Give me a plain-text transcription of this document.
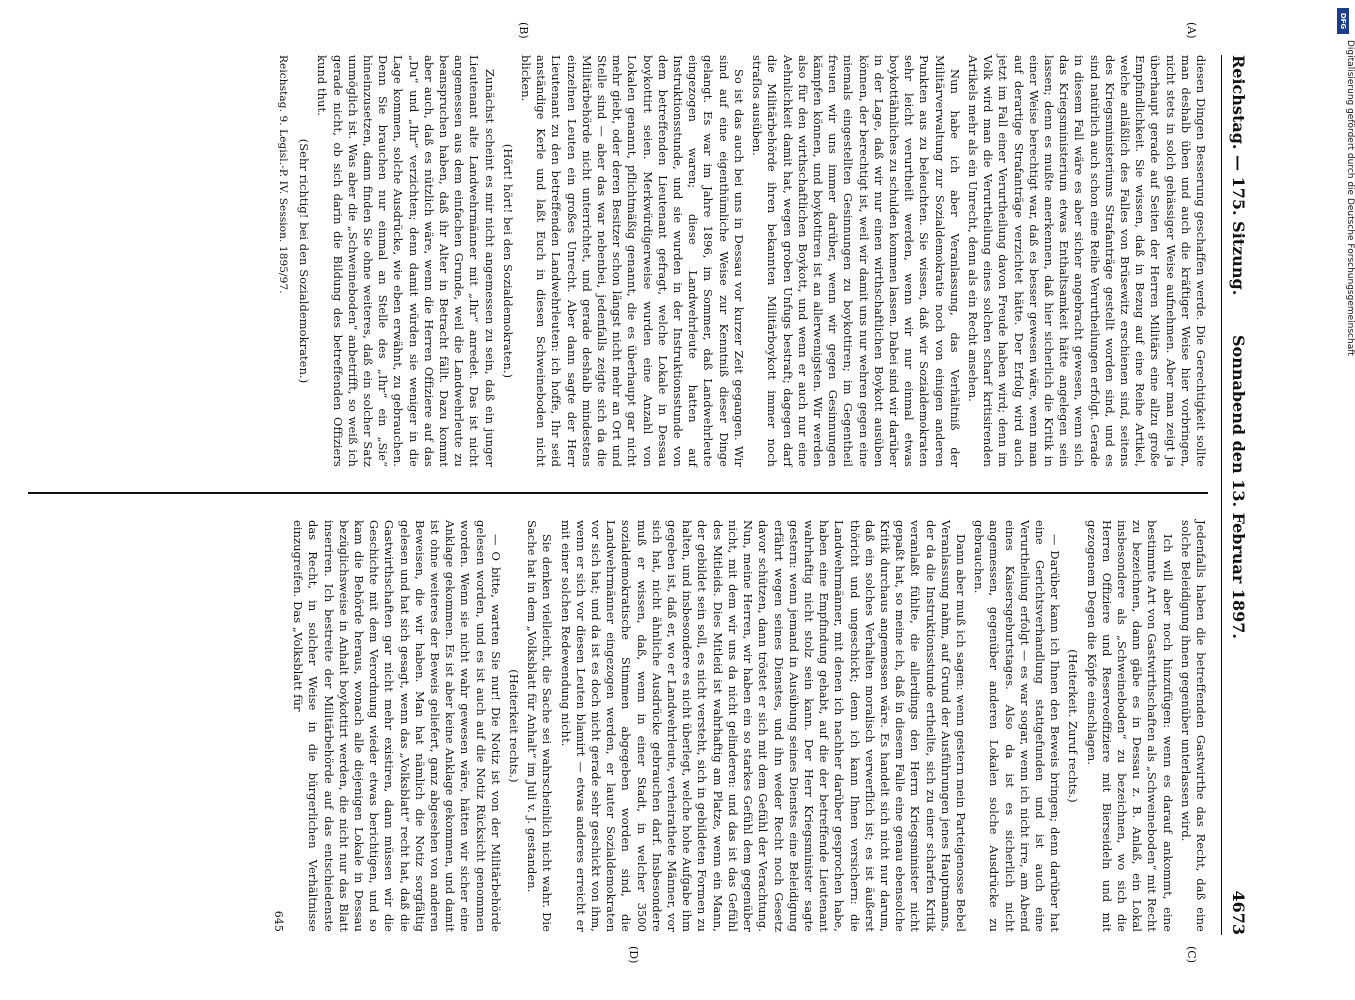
Reichstag. — 175. Sitzung.
Sonnabend den 13. Februar 1897.
4673
(A)
(B)
(C)
(D)

diesen Dingen Besserung geschaffen werde. Die Gerechtigkeit sollte man deshalb üben und auch die kräftiger Weise hier vorbringen, nicht stets in solch gehässiger Weise aufnehmen. Aber man zeigt ja überhaupt gerade auf Seiten der Herren Militärs eine allzu große Empfindlichkeit. Sie wissen, daß in Bezug auf eine Reihe Artikel, welche anläßlich des Falles von Brüsewitz erschienen sind, seitens des Kriegsministeriums Strafanträge gestellt worden sind, und es sind natürlich auch schon eine Reihe Verurtheilungen erfolgt. Gerade in diesem Fall wäre es aber sicher angebracht gewesen, wenn sich das Kriegsministerium etwas Enthaltsamkeit hätte angelegen sein lassen; denn es mußte anerkennen, daß hier sicherlich die Kritik in einer Weise berechtigt war, daß es besser gewesen wäre, wenn man auf derartige Strafanträge verzichtet hätte. Der Erfolg wird auch jetzt im Fall einer Verurtheilung davon Freude haben wird; denn im Volk wird man die Verurtheilung eines solchen scharf kritisirenden Artikels mehr als ein Unrecht, denn als ein Recht ansehen.

Nun habe ich aber Veranlassung, das Verhältniß der Militärverwaltung zur Sozialdemokratie noch von einigen anderen Punkten aus zu beleuchten. Sie wissen, daß wir Sozialdemokraten sehr leicht verurtheilt werden, wenn wir nur einmal etwas boykottähnliches zu schulden kommen lassen. Dabei sind wir darüber in der Lage, daß wir nur einen wirthschaftlichen Boykott ausüben können, der berechtigt ist, weil wir damit uns nur wehren gegen eine niemals eingestellten Gesinnungen zu boykottiren; im Gegentheil freuen wir uns immer darüber, wenn wir gegen Gesinnungen kämpfen können, und boykottiren ist an allerwenigsten. Wir werden also für den wirthschaftlichen Boykott, und wenn er auch nur eine Aehnlichkeit damit hat, wegen groben Unfugs bestraft; dagegen darf die Militärbehörde ihren bekannten Militärboykott immer noch straflos ausüben.

So ist das auch bei uns in Dessau vor kurzer Zeit gegangen. Wir sind auf eine eigenthümliche Weise zur Kenntniß dieser Dinge gelangt. Es war im Jahre 1896, im Sommer, daß Landwehrleute eingezogen waren; diese Landwehrleute hatten auf Instruktionsstunde, und sie wurden in der Instruktionsstunde von dem betreffenden Lieutenant gefragt, welche Lokale in Dessau boykottirt seien. Merkwürdigerweise wurden eine Anzahl von Lokalen genannt, pflichtmäßig genannt, die es überhaupt gar nicht mehr giebt, oder deren Besitzer schon längst nicht mehr an Ort und Stelle sind — aber das war nebenbei, jedenfalls zeigte sich da die Militärbehörde nicht unterrichtet, und gerade deshalb mindestens einzelnen Leuten ein großes Unrecht. Aber dann sagte der Herr Lieutenant zu den betreffenden Landwehrleuten: ich hoffe, Ihr seid anständige Kerle und laßt Euch in diesen Schweineboden nicht blicken.

(Hört! hört! bei den Sozialdemokraten.)

Zunächst scheint es mir nicht angemessen zu sein, daß ein junger Lieutenant alte Landwehrmänner mit „Ihr“ anredet. Das ist nicht angemessen aus dem einfachen Grunde, weil die Landwehrleute zu beanspruchen haben, daß ihr Alter in Betracht fällt. Dazu kommt aber auch, daß es nützlich wäre, wenn die Herren Offiziere auf das „Du“ und „Ihr“ verzichten; denn damit würden sie weniger in die Lage kommen, solche Ausdrücke, wie eben erwähnt, zu gebrauchen. Denn Sie brauchen nur einmal an Stelle des „Ihr“ ein „Sie“ hineinzusetzen, dann finden Sie ohne weiteres, daß ein solcher Satz unmöglich ist. Was aber die „Schweineboden“ anbetrifft, so weiß ich gerade nicht, ob sich darin die Bildung des betreffenden Offiziers kund thut.

(Sehr richtig! bei den Sozialdemokraten.)

Reichstag. 9. Legisl.-P. IV. Session. 1895/97.

Jedenfalls haben die betreffenden Gastwirthe das Recht, daß eine solche Beleidigung ihnen gegenüber unterlassen wird.

Ich will aber noch hinzufügen: wenn es darauf ankommt, eine bestimmte Art von Gastwirthschaften als „Schweineboden“ mit Recht zu bezeichnen, dann gäbe es in Dessau z. B. Anlaß, ein Lokal insbesondere als „Schweineboden“ zu bezeichnen, wo sich die Herren Offiziere und Reserveoffiziere mit Bierseideln und mit gezogenem Degen die Köpfe einschlagen.

(Heiterkeit. Zuruf rechts.)

— Darüber kann ich Ihnen den Beweis bringen; denn darüber hat eine Gerichtsverhandlung stattgefunden und ist auch eine Verurtheilung erfolgt — es war sogar, wenn ich nicht irre, am Abend eines Kaisersgeburtstages. Also da ist es sicherlich nicht angemessen, gegenüber anderen Lokalen solche Ausdrücke zu gebrauchen.

Dann aber muß ich sagen: wenn gestern mein Parteigenosse Bebel Veranlassung nahm, auf Grund der Ausführungen jenes Hauptmanns, der da die Instruktionsstunde ertheilte, sich zu einer scharfen Kritik veranlaßt fühlte, die allerdings den Herrn Kriegsminister nicht gepaßt hat, so meine ich, daß in diesem Falle eine genau ebensolche Kritik durchaus angemessen wäre. Es handelt sich nicht nur darum, daß ein solches Verhalten moralisch verwerflich ist; es ist äußerst thöricht und ungeschickt; denn ich kann Ihnen versichern: die Landwehrmänner, mit denen ich nachher darüber gesprochen habe, haben eine Empfindung gehabt, auf die der betreffende Lieutenant wahrhaftig nicht stolz sein kann. Der Herr Kriegsminister sagte gestern: wenn jemand in Ausübung seines Dienstes eine Beleidigung erfährt wegen seines Dienstes, und ihn weder Recht noch Gesetz davor schützen, dann tröstet er sich mit dem Gefühl der Verachtung. Nun, meine Herren, wir haben ein so starkes Gefühl dem gegenüber nicht, mit dem wir uns da nicht gelinderen: und das ist das Gefühl des Mitleids. Dies Mitleid ist wahrhaftig am Platze, wenn ein Mann, der gebildet sein soll, es nicht versteht, sich in gebildeten Formen zu halten, und insbesondere es nicht überlegt, welche hohe Aufgabe ihm gegeben ist, daß er, wo er Landwehrleute, verheirathete Männer, vor sich hat, nicht ähnliche Ausdrücke gebrauchen darf. Insbesondere muß er wissen, daß, wenn in einer Stadt, in welcher 3500 sozialdemokratische Stimmen abgegeben worden sind, die Landwehrmänner eingezogen werden, er lauter Sozialdemokraten vor sich hat; und da ist es doch nicht gerade sehr geschickt von ihm, wenn er sich vor diesen Leuten blamirt — etwas anderes erreicht er mit einer solchen Redewendung nicht.

Sie denken vielleicht, die Sache sei wahrscheinlich nicht wahr. Die Sache hat in dem „Volksblatt für Anhalt“ im Juli v. J. gestanden.

(Heiterkeit rechts.)

— O bitte, warten Sie nur! Die Notiz ist von der Militärbehörde gelesen worden, und es ist auch auf die Notiz Rücksicht genommen worden. Wenn sie nicht wahr gewesen wäre, hätten wir sicher eine Anklage gekommen. Es ist aber keine Anklage gekommen, und damit ist ohne weiteres der Beweis geliefert, ganz abgesehen von anderen Beweisen, die wir haben. Man hat nämlich die Notiz sorgfältig gelesen und hat sich gesagt, wenn das „Volksblatt“ recht hat, daß die Gastwirthschaften gar nicht mehr existiren, dann müssen wir die Geschichte mit dem Verordnung wieder etwas berichtigen, und so kam die Behörde heraus, wonach alle diejenigen Lokale in Dessau bezüglichsweise in Anhalt boykottirt werden, die nicht nur das Blatt inseriren. Ich bestreite der Militärbehörde auf das entschiedenste das Recht, in solcher Weise in die bürgerlichen Verhältnisse einzugreifen. Das „Volksblatt für

645

DFG
Digitalisierung gefördert durch die Deutsche Forschungsgemeinschaft
